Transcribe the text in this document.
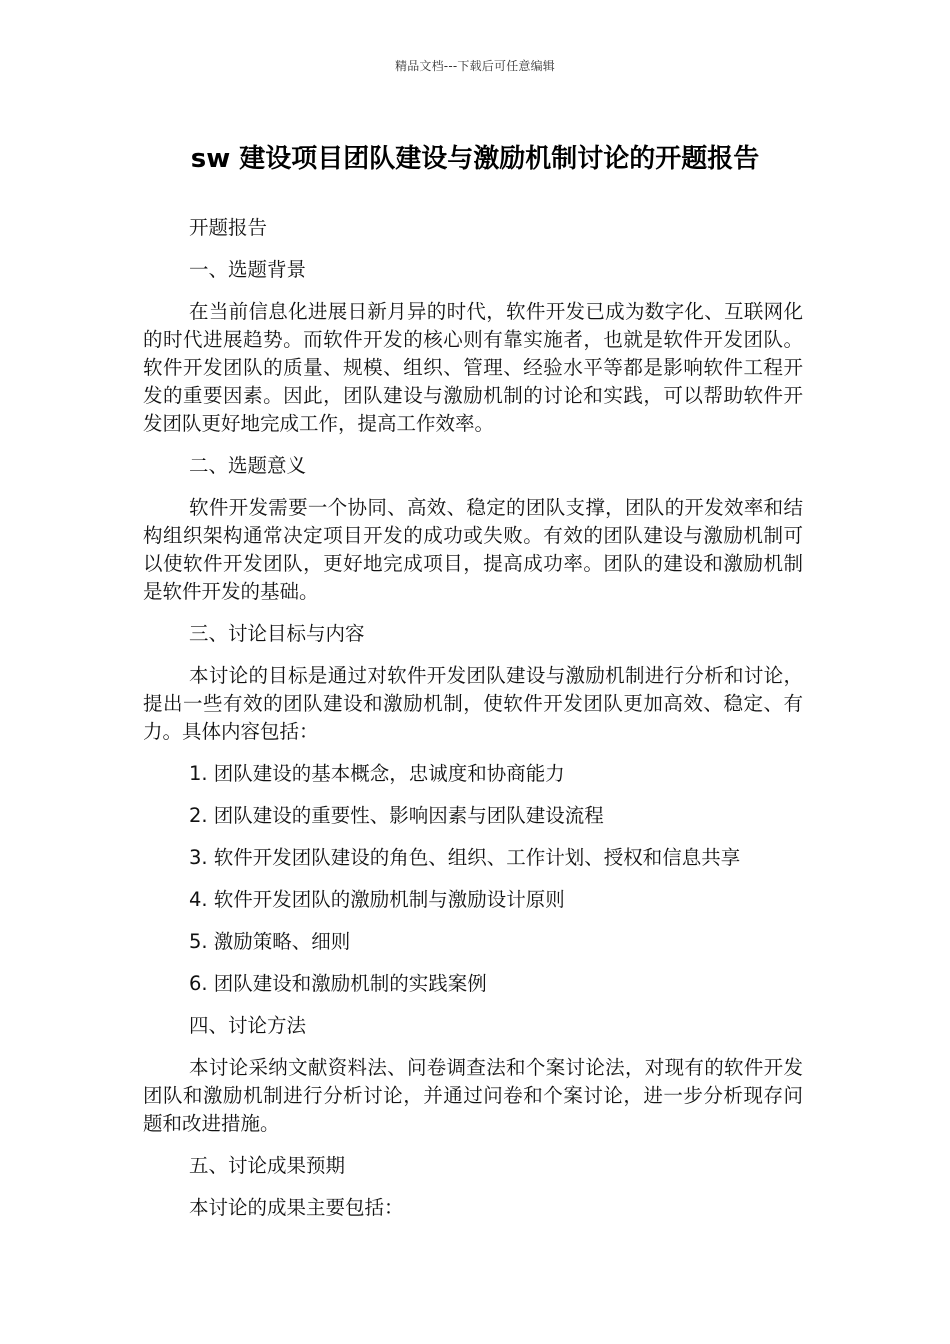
精品文档---下载后可任意编辑
sw 建设项目团队建设与激励机制讨论的开题报告

开题报告

一、选题背景

在当前信息化进展日新月异的时代，软件开发已成为数字化、互联网化的时代进展趋势。而软件开发的核心则有靠实施者，也就是软件开发团队。软件开发团队的质量、规模、组织、管理、经验水平等都是影响软件工程开发的重要因素。因此，团队建设与激励机制的讨论和实践，可以帮助软件开发团队更好地完成工作，提高工作效率。

二、选题意义

软件开发需要一个协同、高效、稳定的团队支撑，团队的开发效率和结构组织架构通常决定项目开发的成功或失败。有效的团队建设与激励机制可以使软件开发团队，更好地完成项目，提高成功率。团队的建设和激励机制是软件开发的基础。

三、讨论目标与内容

本讨论的目标是通过对软件开发团队建设与激励机制进行分析和讨论，提出一些有效的团队建设和激励机制，使软件开发团队更加高效、稳定、有力。具体内容包括：

1. 团队建设的基本概念，忠诚度和协商能力

2. 团队建设的重要性、影响因素与团队建设流程

3. 软件开发团队建设的角色、组织、工作计划、授权和信息共享

4. 软件开发团队的激励机制与激励设计原则

5. 激励策略、细则

6. 团队建设和激励机制的实践案例

四、讨论方法

本讨论采纳文献资料法、问卷调查法和个案讨论法，对现有的软件开发团队和激励机制进行分析讨论，并通过问卷和个案讨论，进一步分析现存问题和改进措施。

五、讨论成果预期

本讨论的成果主要包括：
